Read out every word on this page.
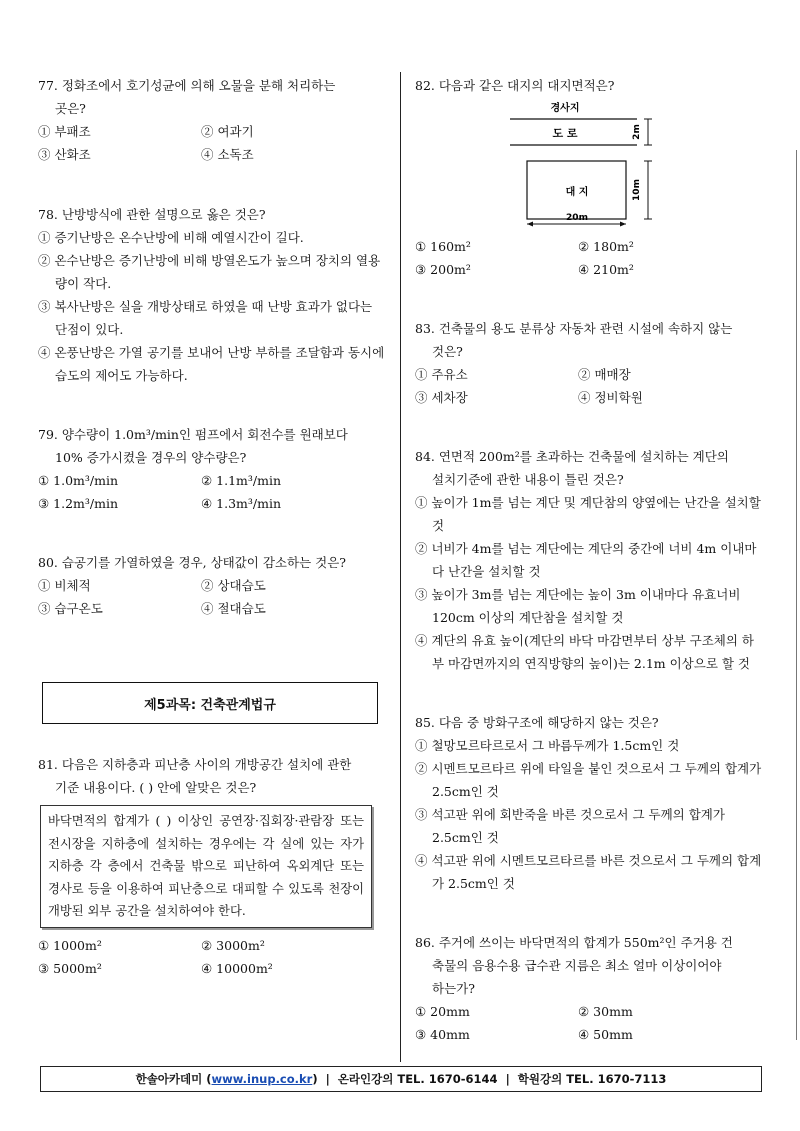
77. 정화조에서 호기성균에 의해 오물을 분해 처리하는
곳은?
① 부패조	② 여과기
③ 산화조	④ 소독조
78. 난방방식에 관한 설명으로 옳은 것은?
① 증기난방은 온수난방에 비해 예열시간이 길다.
② 온수난방은 증기난방에 비해 방열온도가 높으며 장치의 열용량이 작다.
③ 복사난방은 실을 개방상태로 하였을 때 난방 효과가 없다는 단점이 있다.
④ 온풍난방은 가열 공기를 보내어 난방 부하를 조달함과 동시에 습도의 제어도 가능하다.
79. 양수량이 1.0m³/min인 펌프에서 회전수를 원래보다
10% 증가시켰을 경우의 양수량은?
① 1.0m³/min	② 1.1m³/min
③ 1.2m³/min	④ 1.3m³/min
80. 습공기를 가열하였을 경우, 상태값이 감소하는 것은?
① 비체적	② 상대습도
③ 습구온도	④ 절대습도
제5과목: 건축관계법규
81. 다음은 지하층과 피난층 사이의 개방공간 설치에 관한
기준 내용이다. ( ) 안에 알맞은 것은?
바닥면적의 합계가 ( ) 이상인 공연장·집회장·관람장 또는 전시장을 지하층에 설치하는 경우에는 각 실에 있는 자가 지하층 각 층에서 건축물 밖으로 피난하여 옥외계단 또는 경사로 등을 이용하여 피난층으로 대피할 수 있도록 천장이 개방된 외부 공간을 설치하여야 한다.
① 1000m²	② 3000m²
③ 5000m²	④ 10000m²
82. 다음과 같은 대지의 대지면적은?
경사지
도 로
대 지
2m
10m
20m
① 160m²	② 180m²
③ 200m²	④ 210m²
83. 건축물의 용도 분류상 자동차 관련 시설에 속하지 않는
것은?
① 주유소	② 매매장
③ 세차장	④ 정비학원
84. 연면적 200m²를 초과하는 건축물에 설치하는 계단의
설치기준에 관한 내용이 틀린 것은?
① 높이가 1m를 넘는 계단 및 계단참의 양옆에는 난간을 설치할 것
② 너비가 4m를 넘는 계단에는 계단의 중간에 너비 4m 이내마다 난간을 설치할 것
③ 높이가 3m를 넘는 계단에는 높이 3m 이내마다 유효너비 120cm 이상의 계단참을 설치할 것
④ 계단의 유효 높이(계단의 바닥 마감면부터 상부 구조체의 하부 마감면까지의 연직방향의 높이)는 2.1m 이상으로 할 것
85. 다음 중 방화구조에 해당하지 않는 것은?
① 철망모르타르로서 그 바름두께가 1.5cm인 것
② 시멘트모르타르 위에 타일을 붙인 것으로서 그 두께의 합계가 2.5cm인 것
③ 석고판 위에 회반죽을 바른 것으로서 그 두께의 합계가 2.5cm인 것
④ 석고판 위에 시멘트모르타르를 바른 것으로서 그 두께의 합계가 2.5cm인 것
86. 주거에 쓰이는 바닥면적의 합계가 550m²인 주거용 건
축물의 음용수용 급수관 지름은 최소 얼마 이상이어야
하는가?
① 20mm	② 30mm
③ 40mm	④ 50mm
한솔아카데미 ( www.inup.co.kr ) | 온라인강의 TEL. 1670-6144 | 학원강의 TEL. 1670-7113
